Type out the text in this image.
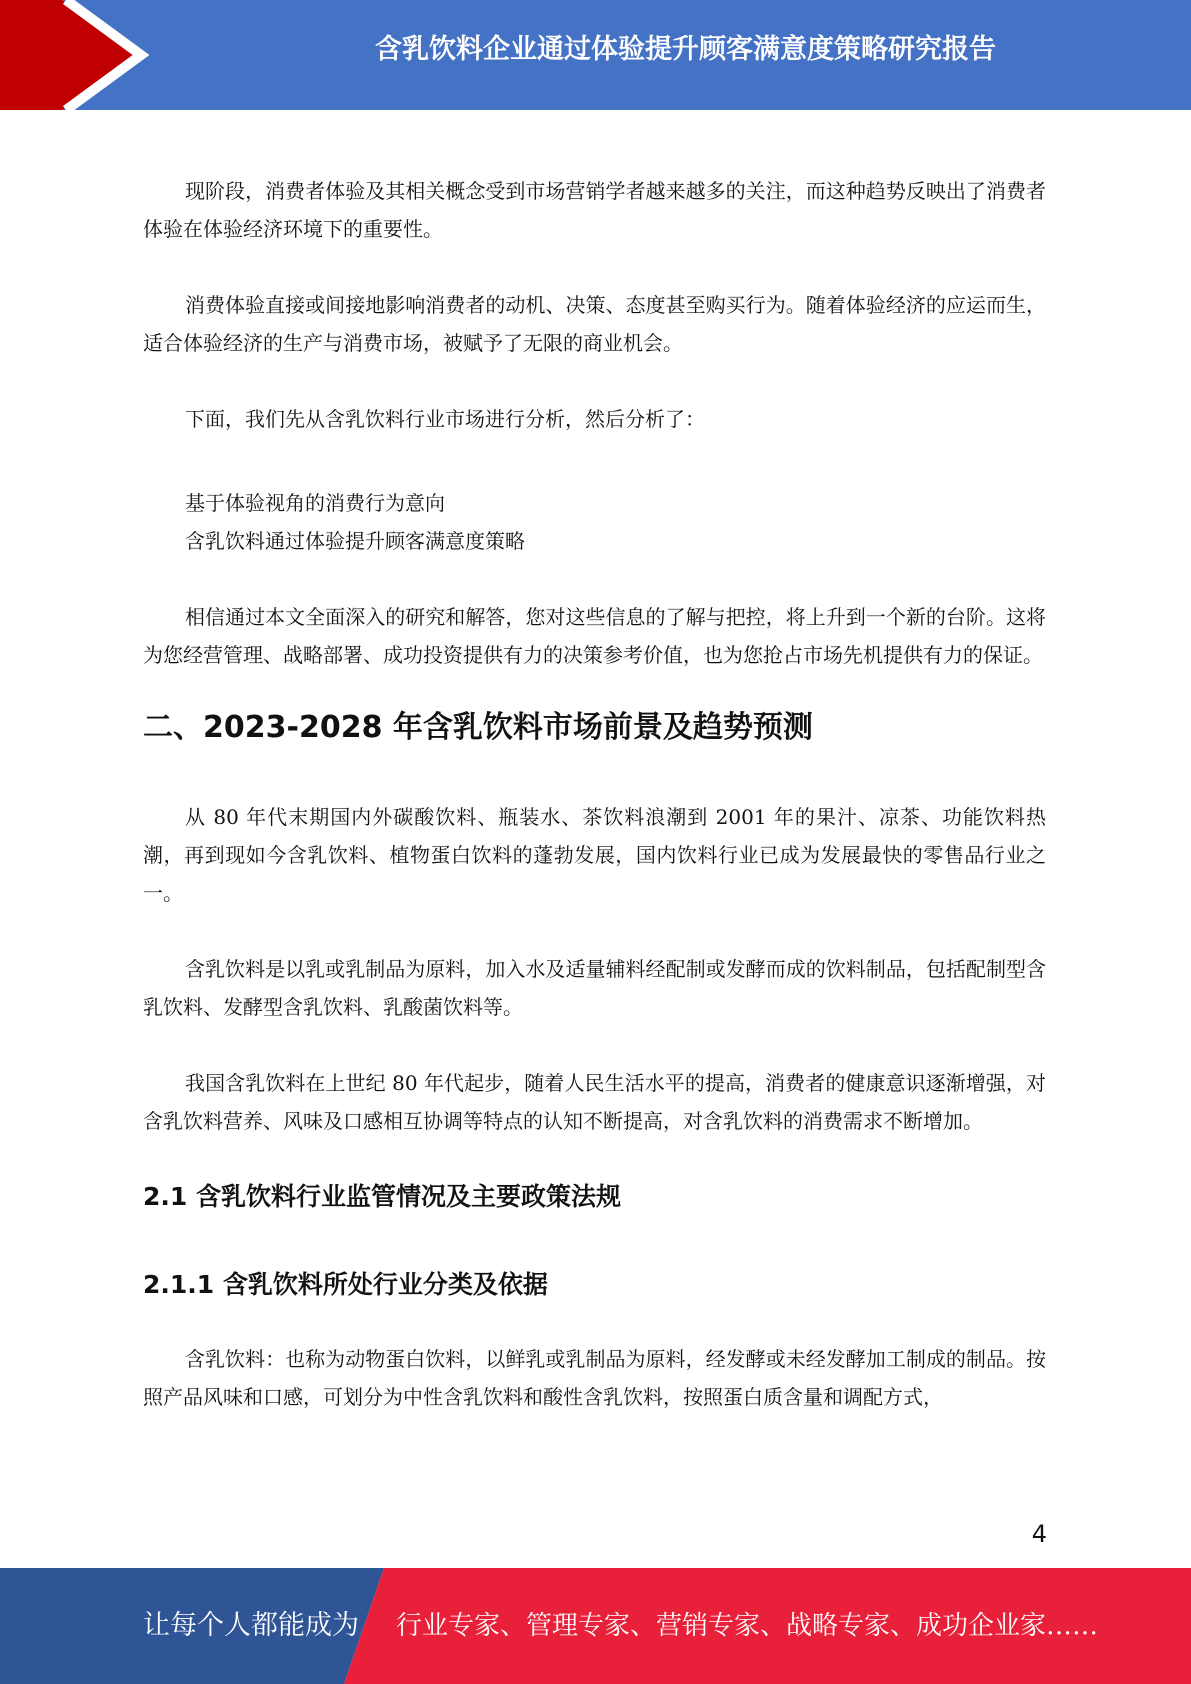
含乳饮料企业通过体验提升顾客满意度策略研究报告

现阶段，消费者体验及其相关概念受到市场营销学者越来越多的关注，而这种趋势反映出了消费者体验在体验经济环境下的重要性。

消费体验直接或间接地影响消费者的动机、决策、态度甚至购买行为。随着体验经济的应运而生，适合体验经济的生产与消费市场，被赋予了无限的商业机会。

下面，我们先从含乳饮料行业市场进行分析，然后分析了：

基于体验视角的消费行为意向

含乳饮料通过体验提升顾客满意度策略

相信通过本文全面深入的研究和解答，您对这些信息的了解与把控，将上升到一个新的台阶。这将为您经营管理、战略部署、成功投资提供有力的决策参考价值，也为您抢占市场先机提供有力的保证。

二、2023-2028 年含乳饮料市场前景及趋势预测

从 80 年代末期国内外碳酸饮料、瓶装水、茶饮料浪潮到 2001 年的果汁、凉茶、功能饮料热潮，再到现如今含乳饮料、植物蛋白饮料的蓬勃发展，国内饮料行业已成为发展最快的零售品行业之一。

含乳饮料是以乳或乳制品为原料，加入水及适量辅料经配制或发酵而成的饮料制品，包括配制型含乳饮料、发酵型含乳饮料、乳酸菌饮料等。

我国含乳饮料在上世纪 80 年代起步，随着人民生活水平的提高，消费者的健康意识逐渐增强，对含乳饮料营养、风味及口感相互协调等特点的认知不断提高，对含乳饮料的消费需求不断增加。

2.1 含乳饮料行业监管情况及主要政策法规
2.1.1 含乳饮料所处行业分类及依据

含乳饮料：也称为动物蛋白饮料，以鲜乳或乳制品为原料，经发酵或未经发酵加工制成的制品。按照产品风味和口感，可划分为中性含乳饮料和酸性含乳饮料，按照蛋白质含量和调配方式，

4
让每个人都能成为 行业专家、管理专家、营销专家、战略专家、成功企业家……
